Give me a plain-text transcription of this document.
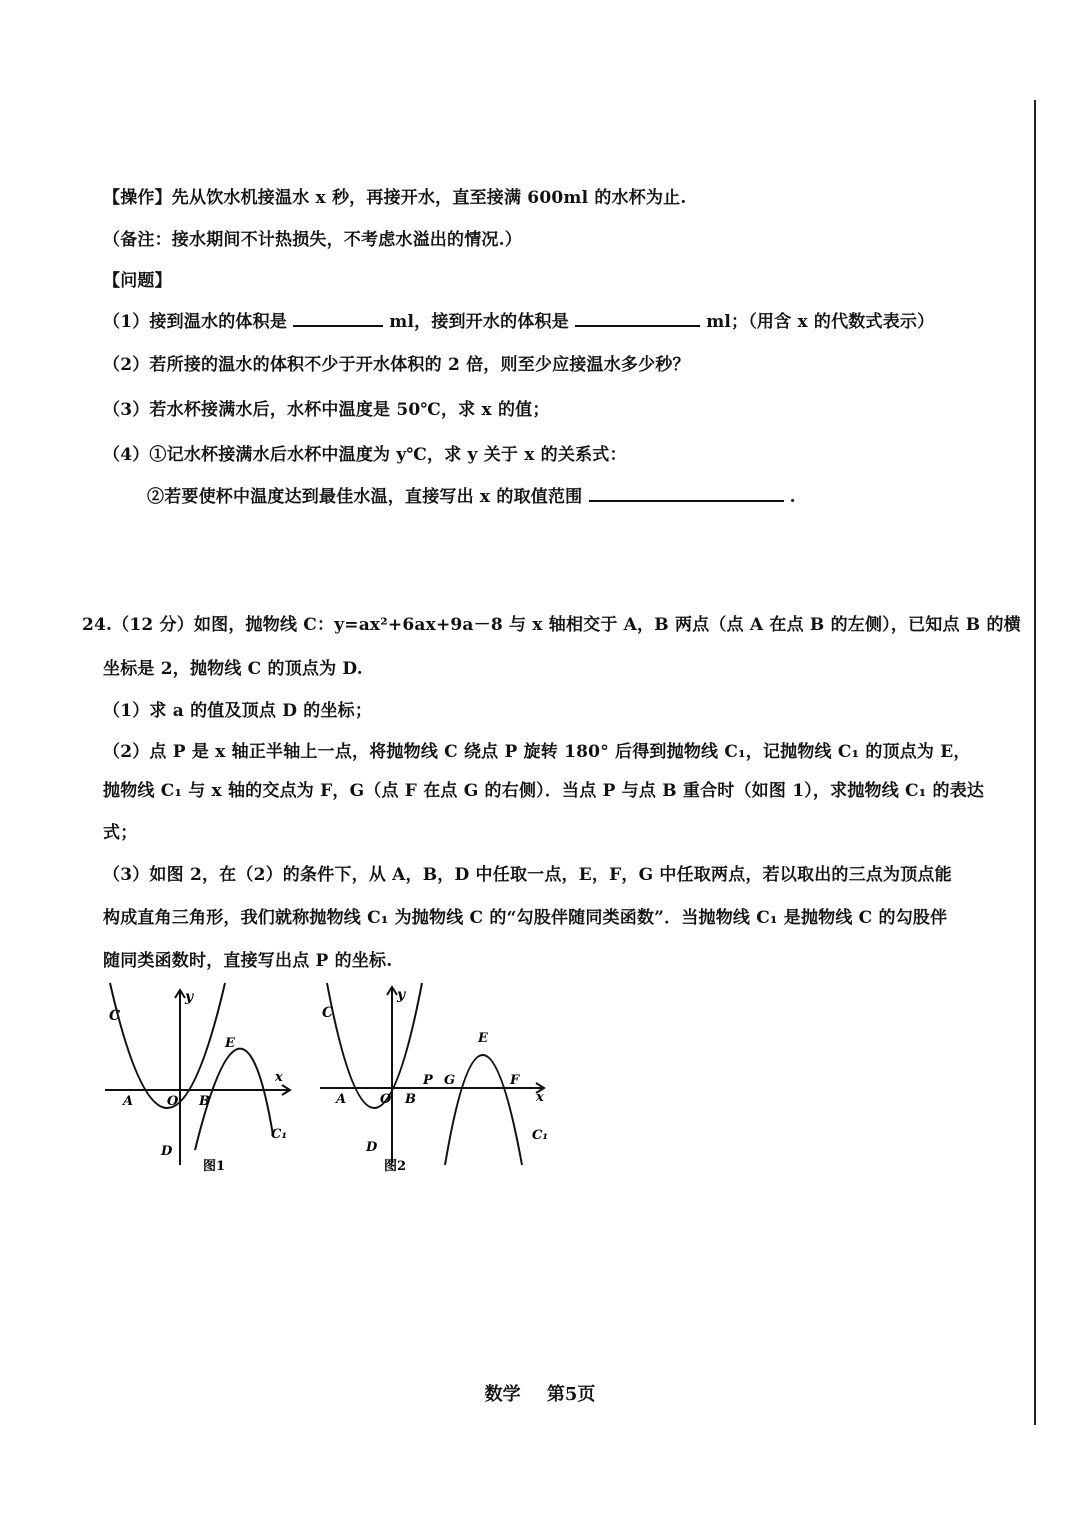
【操作】先从饮水机接温水 x 秒，再接开水，直至接满 600ml 的水杯为止.
（备注：接水期间不计热损失，不考虑水溢出的情况.）
【问题】
（1）接到温水的体积是	ml，接到开水的体积是	ml；（用含 x 的代数式表示）
（2）若所接的温水的体积不少于开水体积的 2 倍，则至少应接温水多少秒？
（3）若水杯接满水后，水杯中温度是 50℃，求 x 的值；
（4）①记水杯接满水后水杯中温度为 y℃，求 y 关于 x 的关系式：
②若要使杯中温度达到最佳水温，直接写出 x 的取值范围	.
24.（12 分）如图，抛物线 C：y=ax²+6ax+9a－8 与 x 轴相交于 A，B 两点（点 A 在点 B 的左侧），已知点 B 的横
坐标是 2，抛物线 C 的顶点为 D.
（1）求 a 的值及顶点 D 的坐标；
（2）点 P 是 x 轴正半轴上一点，将抛物线 C 绕点 P 旋转 180° 后得到抛物线 C₁，记抛物线 C₁ 的顶点为 E，
抛物线 C₁ 与 x 轴的交点为 F，G（点 F 在点 G 的右侧）．当点 P 与点 B 重合时（如图 1），求抛物线 C₁ 的表达
式；
（3）如图 2，在（2）的条件下，从 A，B，D 中任取一点，E，F，G 中任取两点，若以取出的三点为顶点能
构成直角三角形，我们就称抛物线 C₁ 为抛物线 C 的“勾股伴随同类函数”．当抛物线 C₁ 是抛物线 C 的勾股伴
随同类函数时，直接写出点 P 的坐标.
C
y
E
A	O B
x
D
C₁
图1
C
y
E
P G	F
A	O B	x
D
C₁
图2
数学 第5页
